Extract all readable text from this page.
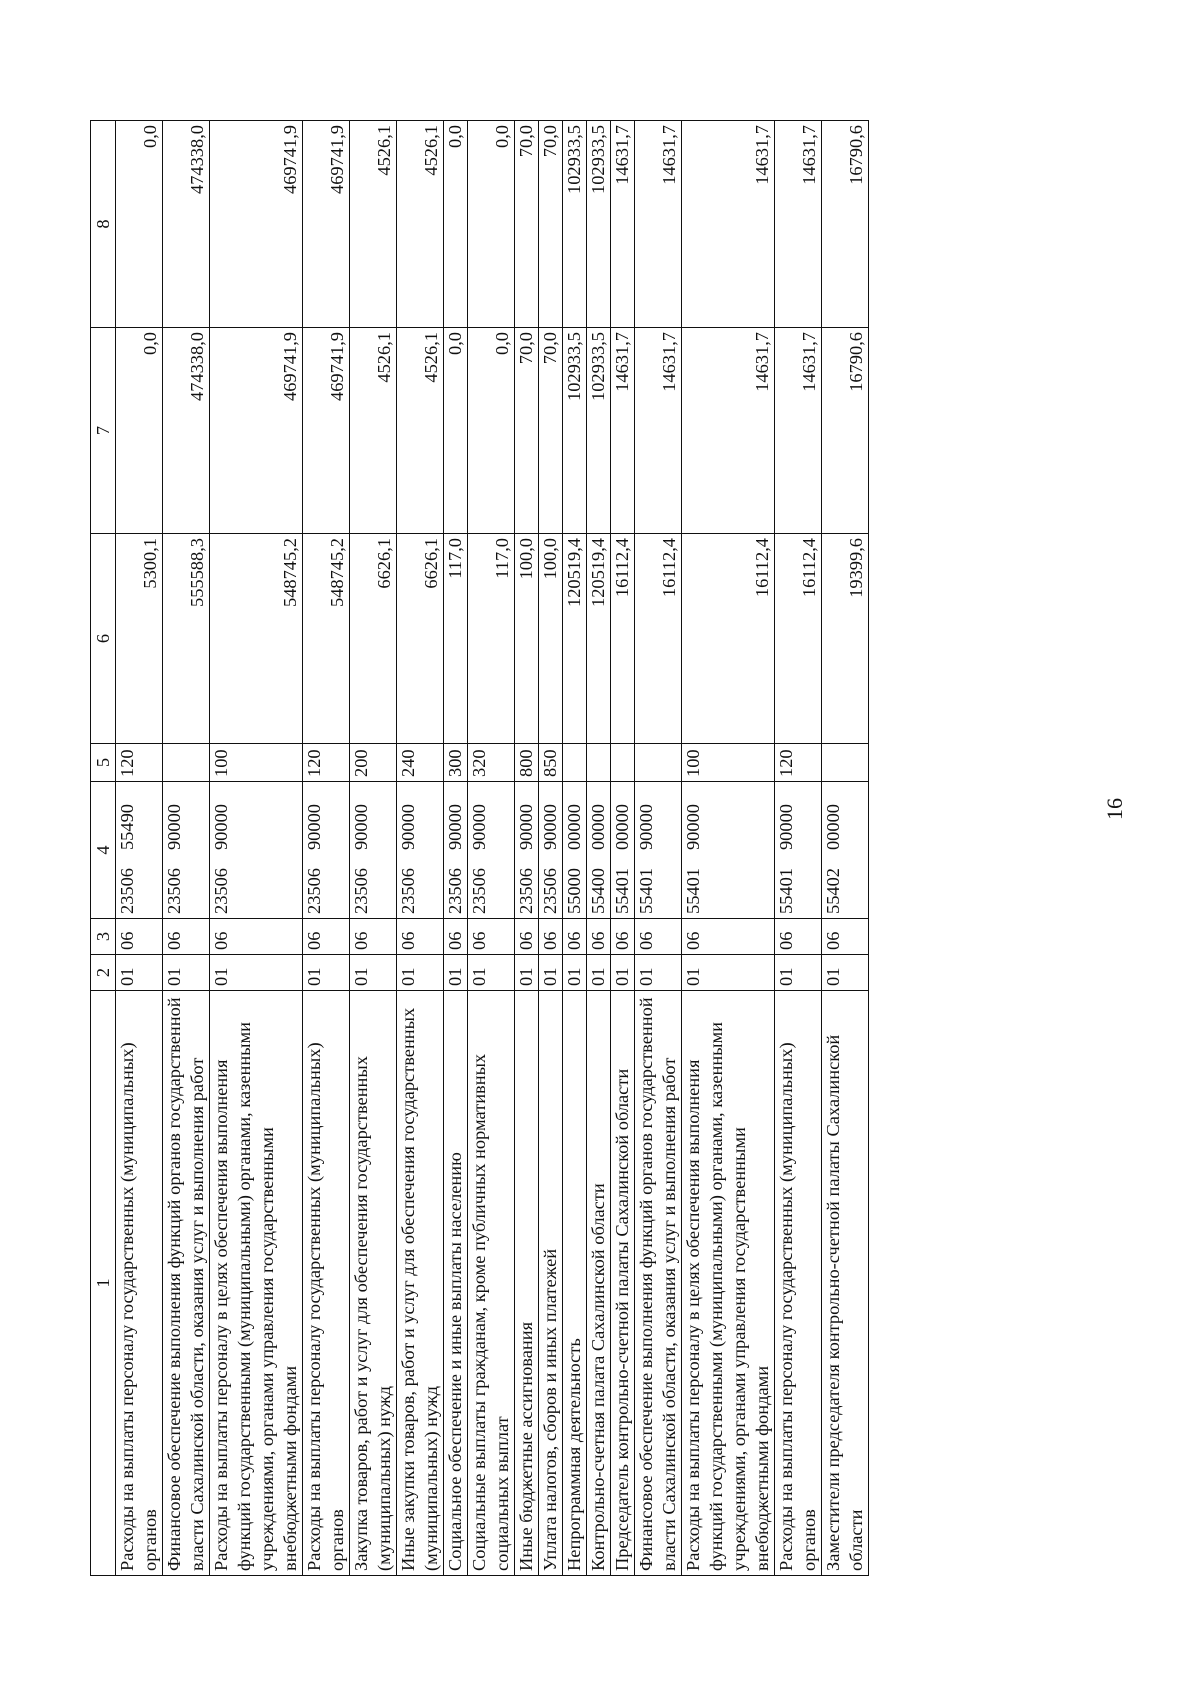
16
1	2	3	4	5	6	7	8
Расходы на выплаты персоналу государственных (муниципальных) органов	01	06	2350655490	120	5300,1	0,0	0,0
Финансовое обеспечение выполнения функций органов государственной власти Сахалинской области, оказания услуг и выполнения работ	01	06	2350690000		555588,3	474338,0	474338,0
Расходы на выплаты персоналу в целях обеспечения выполнения функций государственными (муниципальными) органами, казенными учреждениями, органами управления государственными внебюджетными фондами	01	06	2350690000	100	548745,2	469741,9	469741,9
Расходы на выплаты персоналу государственных (муниципальных) органов	01	06	2350690000	120	548745,2	469741,9	469741,9
Закупка товаров, работ и услуг для обеспечения государственных (муниципальных) нужд	01	06	2350690000	200	6626,1	4526,1	4526,1
Иные закупки товаров, работ и услуг для обеспечения государственных (муниципальных) нужд	01	06	2350690000	240	6626,1	4526,1	4526,1
Социальное обеспечение и иные выплаты населению	01	06	2350690000	300	117,0	0,0	0,0
Социальные выплаты гражданам, кроме публичных нормативных социальных выплат	01	06	2350690000	320	117,0	0,0	0,0
Иные бюджетные ассигнования	01	06	2350690000	800	100,0	70,0	70,0
Уплата налогов, сборов и иных платежей	01	06	2350690000	850	100,0	70,0	70,0
Непрограммная деятельность	01	06	5500000000		120519,4	102933,5	102933,5
Контрольно-счетная палата Сахалинской области	01	06	5540000000		120519,4	102933,5	102933,5
Председатель контрольно-счетной палаты Сахалинской области	01	06	5540100000		16112,4	14631,7	14631,7
Финансовое обеспечение выполнения функций органов государственной власти Сахалинской области, оказания услуг и выполнения работ	01	06	5540190000		16112,4	14631,7	14631,7
Расходы на выплаты персоналу в целях обеспечения выполнения функций государственными (муниципальными) органами, казенными учреждениями, органами управления государственными внебюджетными фондами	01	06	5540190000	100	16112,4	14631,7	14631,7
Расходы на выплаты персоналу государственных (муниципальных) органов	01	06	5540190000	120	16112,4	14631,7	14631,7
Заместители председателя контрольно-счетной палаты Сахалинской области	01	06	5540200000		19399,6	16790,6	16790,6
